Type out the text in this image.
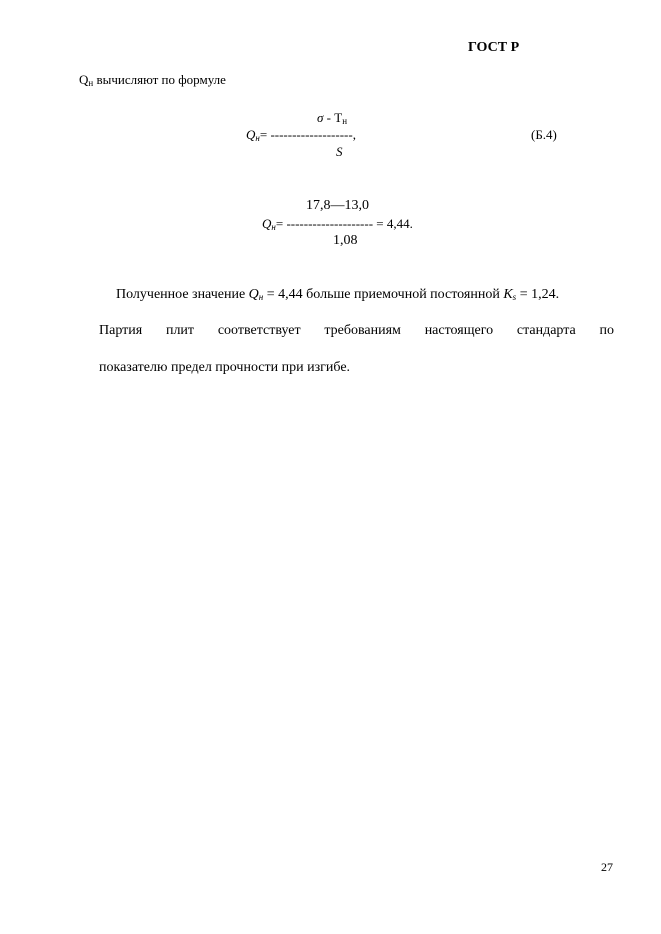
ГОСТ Р
$Q_н$ вычисляют по формуле
σ - $T_н$
$Q_н=$ -------------------,	(Б.4)
S
17,8—13,0
$Q_н=$ -------------------- = 4,44.
1,08
Полученное значение $Q_н = 4,44$ больше приемочной постоянной $K_s = 1,24$.
Партия плит соответствует требованиям настоящего стандарта по
показателю предел прочности при изгибе.
27
